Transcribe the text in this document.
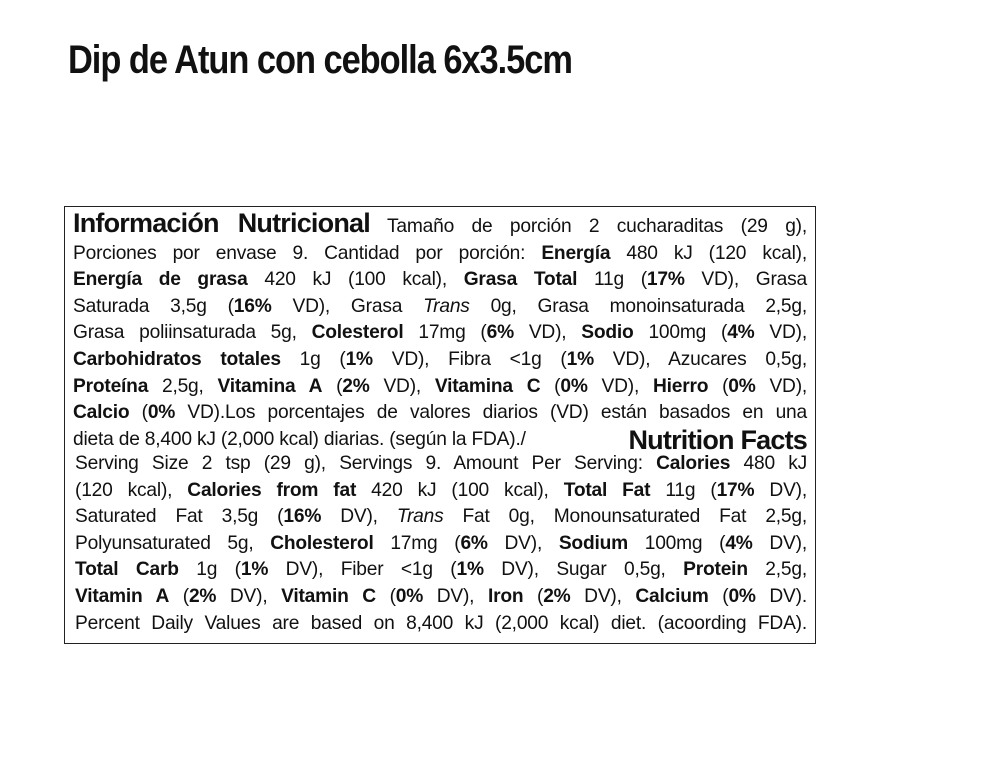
Dip de Atun con cebolla 6x3.5cm
Información Nutricional Tamaño de porción 2 cucharaditas (29 g),
Porciones por envase 9. Cantidad por porción: Energía 480 kJ (120 kcal),
Energía de grasa 420 kJ (100 kcal), Grasa Total 11g (17% VD), Grasa
Saturada 3,5g (16% VD), Grasa Trans 0g, Grasa monoinsaturada 2,5g,
Grasa poliinsaturada 5g, Colesterol 17mg (6% VD), Sodio 100mg (4% VD),
Carbohidratos totales 1g (1% VD), Fibra <1g (1% VD), Azucares 0,5g,
Proteína 2,5g, Vitamina A (2% VD), Vitamina C (0% VD), Hierro (0% VD),
Calcio (0% VD).Los porcentajes de valores diarios (VD) están basados en una
dieta de 8,400 kJ (2,000 kcal) diarias. (según la FDA)./	Nutrition Facts
Serving Size 2 tsp (29 g), Servings 9. Amount Per Serving: Calories 480 kJ
(120 kcal), Calories from fat 420 kJ (100 kcal), Total Fat 11g (17% DV),
Saturated Fat 3,5g (16% DV), Trans Fat 0g, Monounsaturated Fat 2,5g,
Polyunsaturated 5g, Cholesterol 17mg (6% DV), Sodium 100mg (4% DV),
Total Carb 1g (1% DV), Fiber <1g (1% DV), Sugar 0,5g, Protein 2,5g,
Vitamin A (2% DV), Vitamin C (0% DV), Iron (2% DV), Calcium (0% DV).
Percent Daily Values are based on 8,400 kJ (2,000 kcal) diet. (acoording FDA).
